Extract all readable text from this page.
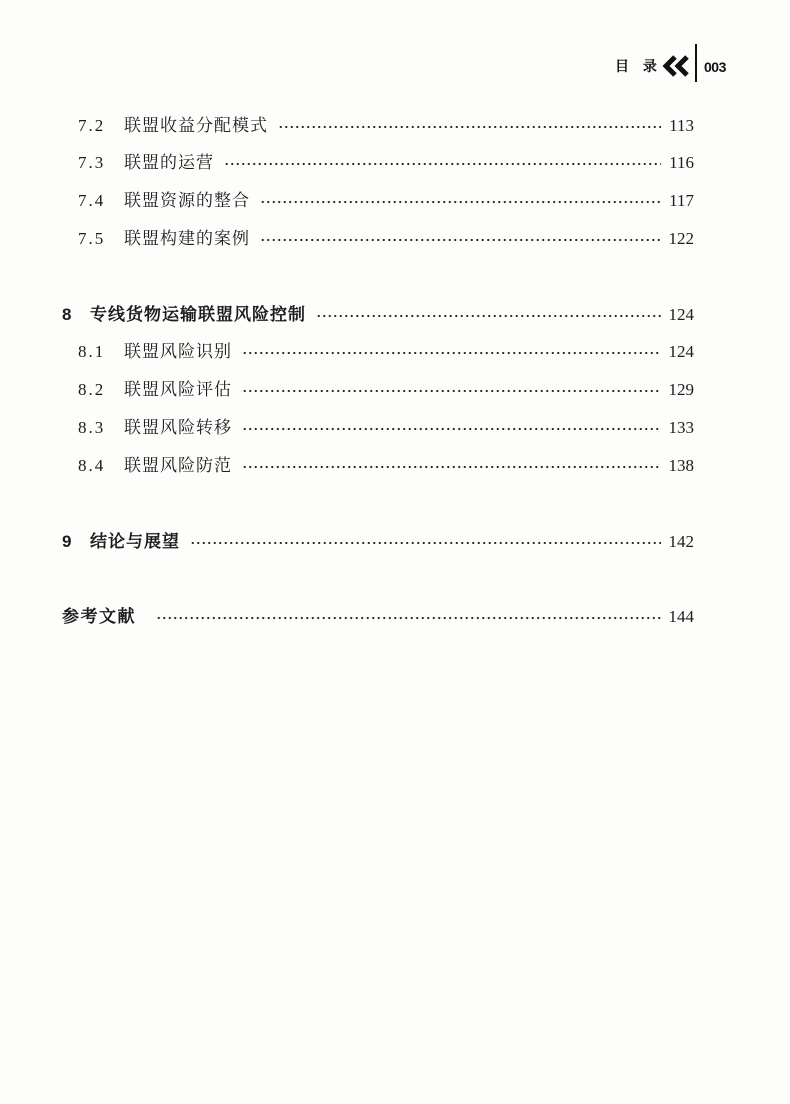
目 录	003
7.2	联盟收益分配模式	113
7.3	联盟的运营	116
7.4	联盟资源的整合	117
7.5	联盟构建的案例	122
8	专线货物运输联盟风险控制	124
8.1	联盟风险识别	124
8.2	联盟风险评估	129
8.3	联盟风险转移	133
8.4	联盟风险防范	138
9	结论与展望	142
参考文献	144
